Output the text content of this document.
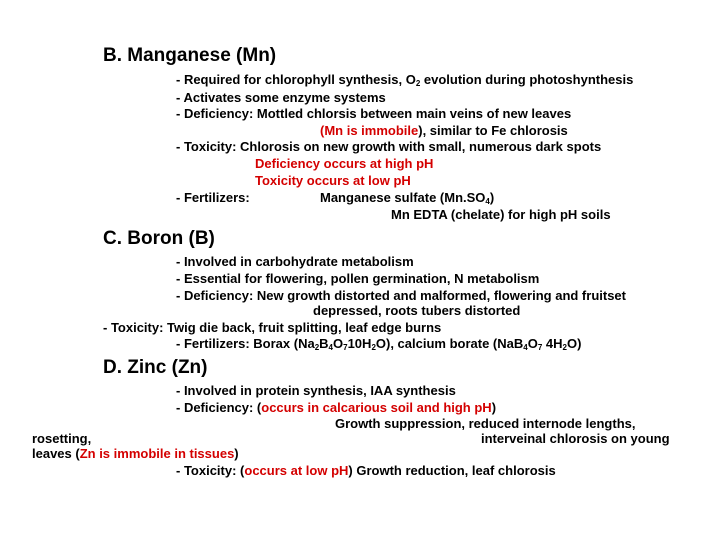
B. Manganese (Mn)
- Required for chlorophyll synthesis, $O_2$ evolution during photoshynthesis
- Activates some enzyme systems
- Deficiency: Mottled chlorsis between main veins of new leaves
(Mn is immobile), similar to Fe chlorosis
- Toxicity: Chlorosis on new growth with small, numerous dark spots
Deficiency occurs at high pH
Toxicity occurs at low pH
- Fertilizers:	Manganese sulfate $(Mn.SO_4)$
Mn EDTA (chelate) for high pH soils
C. Boron (B)
- Involved in carbohydrate metabolism
- Essential for flowering, pollen germination, N metabolism
- Deficiency: New growth distorted and malformed, flowering and fruitset
depressed, roots tubers distorted
- Toxicity: Twig die back, fruit splitting, leaf edge burns
- Fertilizers: Borax $(Na_2B_4O_710H_2O)$, calcium borate ($NaB_4O_7$ $4H_2O$)
D. Zinc (Zn)
- Involved in protein synthesis, IAA synthesis
- Deficiency: (occurs in calcarious soil and high pH)
Growth suppression, reduced internode lengths,
rosetting,	interveinal chlorosis on young
leaves (Zn is immobile in tissues)
- Toxicity: (occurs at low pH) Growth reduction, leaf chlorosis
